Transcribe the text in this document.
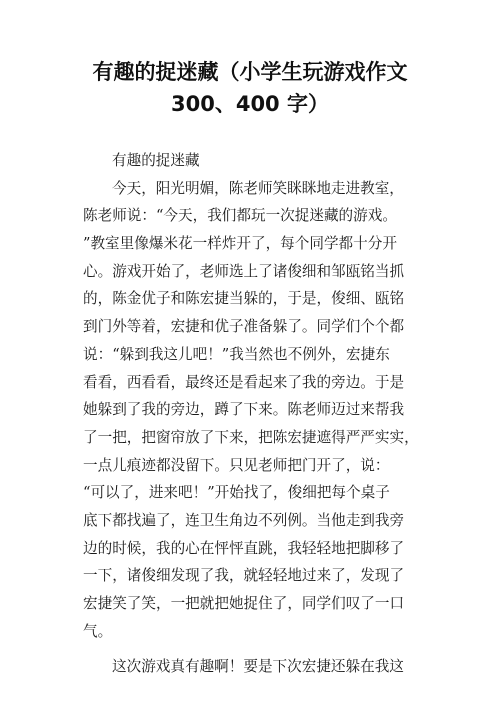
有趣的捉迷藏（小学生玩游戏作文
300、400 字）
有趣的捉迷藏
今天，阳光明媚，陈老师笑眯眯地走进教室，
陈老师说：“今天，我们都玩一次捉迷藏的游戏。
”教室里像爆米花一样炸开了，每个同学都十分开
心。游戏开始了，老师选上了诸俊细和邹瓯铭当抓
的，陈金优子和陈宏捷当躲的，于是，俊细、瓯铭
到门外等着，宏捷和优子准备躲了。同学们个个都
说：“躲到我这儿吧！”我当然也不例外，宏捷东
看看，西看看，最终还是看起来了我的旁边。于是
她躲到了我的旁边，蹲了下来。陈老师迈过来帮我
了一把，把窗帘放了下来，把陈宏捷遮得严严实实，
一点儿痕迹都没留下。只见老师把门开了，说：
“可以了，进来吧！”开始找了，俊细把每个桌子
底下都找遍了，连卫生角边不列例。当他走到我旁
边的时候，我的心在怦怦直跳，我轻轻地把脚移了
一下，诸俊细发现了我，就轻轻地过来了，发现了
宏捷笑了笑，一把就把她捉住了，同学们叹了一口
气。
这次游戏真有趣啊！要是下次宏捷还躲在我这
